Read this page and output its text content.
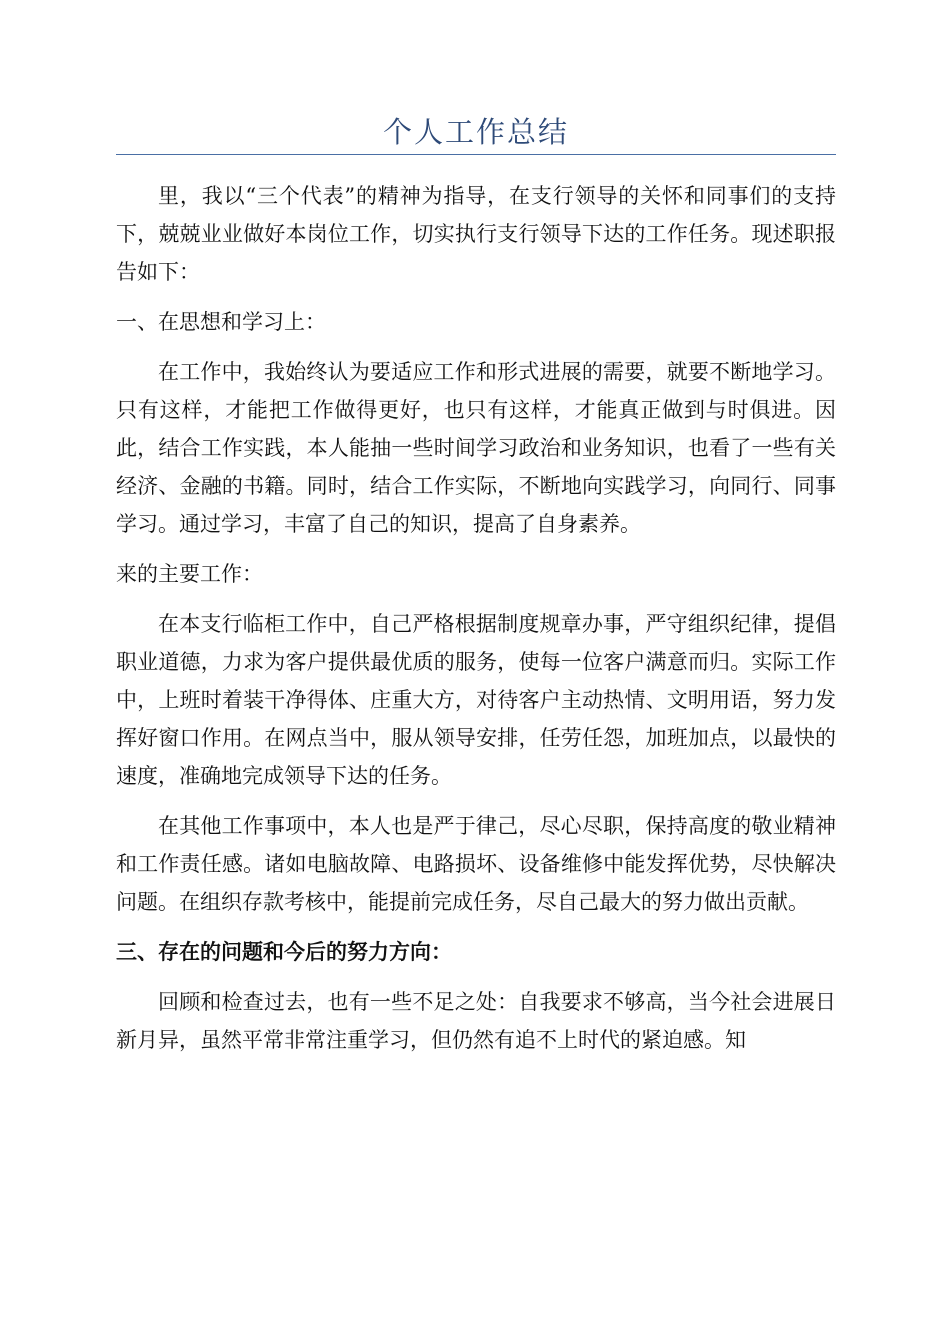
个人工作总结

里，我以“三个代表”的精神为指导，在支行领导的关怀和同事们的支持下，兢兢业业做好本岗位工作，切实执行支行领导下达的工作任务。现述职报告如下：

一、在思想和学习上：

在工作中，我始终认为要适应工作和形式进展的需要，就要不断地学习。只有这样，才能把工作做得更好，也只有这样，才能真正做到与时俱进。因此，结合工作实践，本人能抽一些时间学习政治和业务知识，也看了一些有关经济、金融的书籍。同时，结合工作实际，不断地向实践学习，向同行、同事学习。通过学习，丰富了自己的知识，提高了自身素养。

来的主要工作：

在本支行临柜工作中，自己严格根据制度规章办事，严守组织纪律，提倡职业道德，力求为客户提供最优质的服务，使每一位客户满意而归。实际工作中，上班时着装干净得体、庄重大方，对待客户主动热情、文明用语，努力发挥好窗口作用。在网点当中，服从领导安排，任劳任怨，加班加点，以最快的速度，准确地完成领导下达的任务。

在其他工作事项中，本人也是严于律己，尽心尽职，保持高度的敬业精神和工作责任感。诸如电脑故障、电路损坏、设备维修中能发挥优势，尽快解决问题。在组织存款考核中，能提前完成任务，尽自己最大的努力做出贡献。

三、存在的问题和今后的努力方向：

回顾和检查过去，也有一些不足之处：自我要求不够高，当今社会进展日新月异，虽然平常非常注重学习，但仍然有追不上时代的紧迫感。知
